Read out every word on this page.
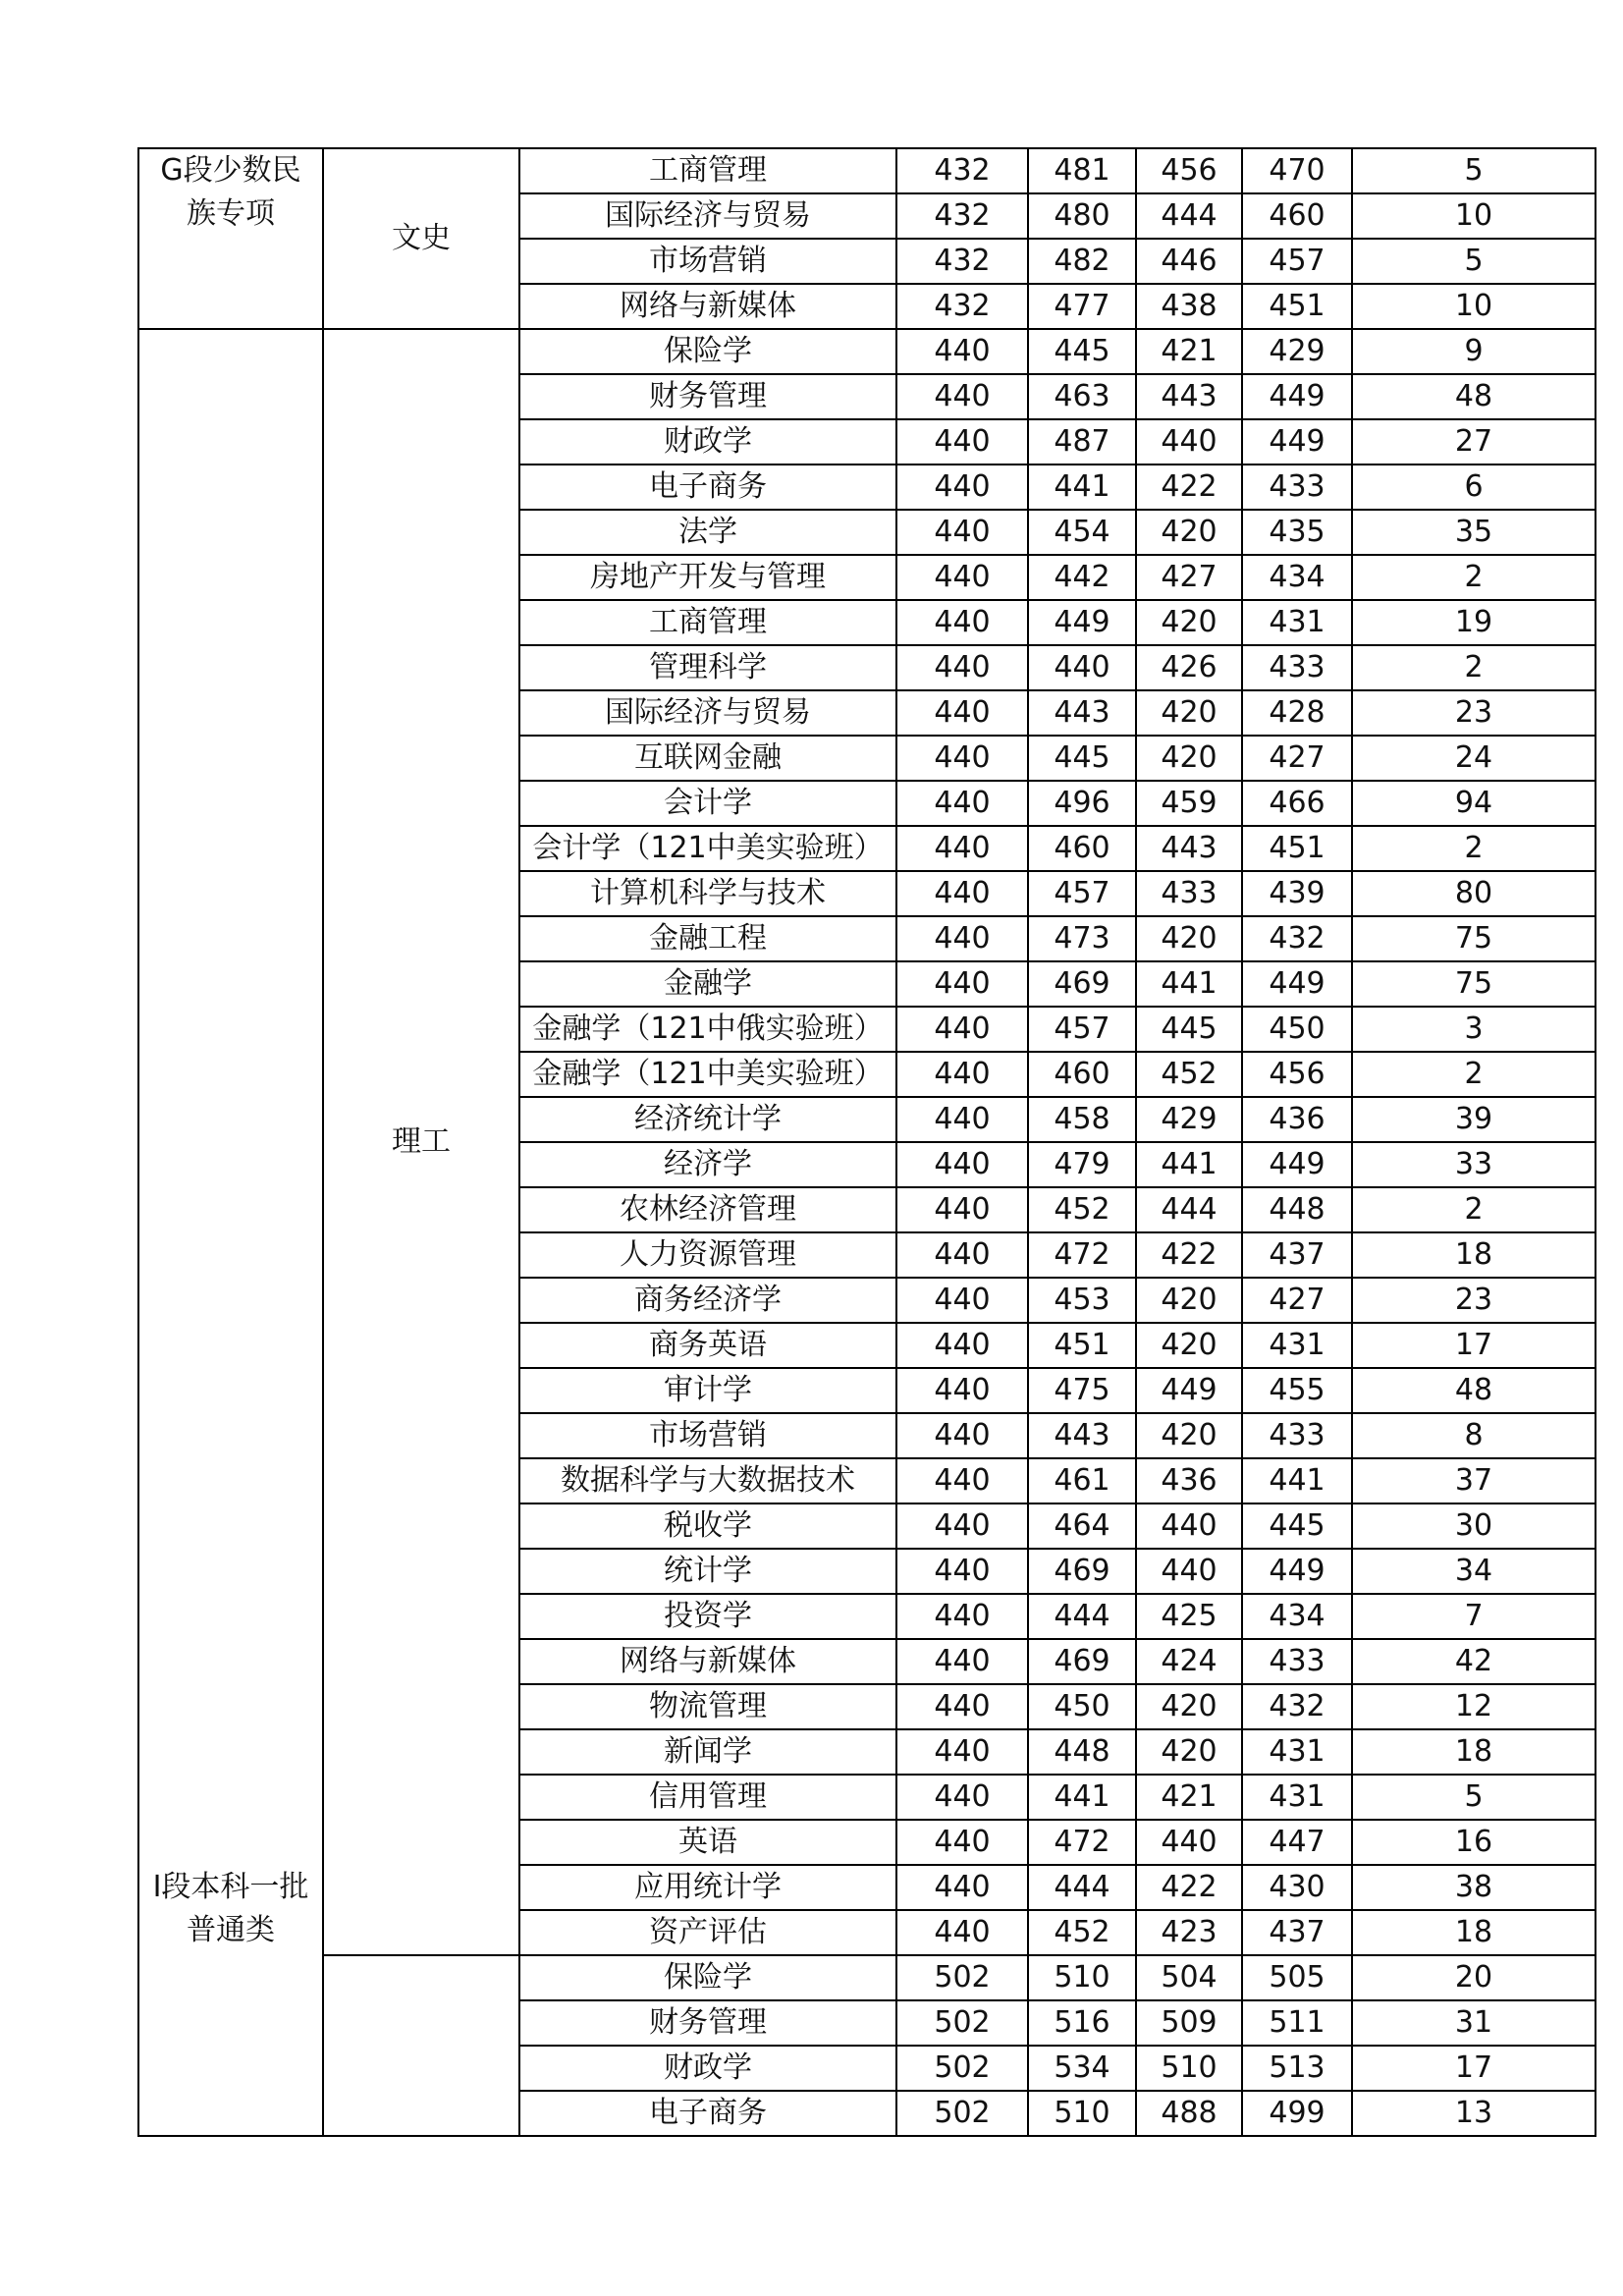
G段少数民
族专项	文史	工商管理	432	481	456	470	5
		国际经济与贸易	432	480	444	460	10
		市场营销	432	482	446	457	5
		网络与新媒体	432	477	438	451	10

I段本科一批
普通类	理工	保险学	440	445	421	429	9
		财务管理	440	463	443	449	48
		财政学	440	487	440	449	27
		电子商务	440	441	422	433	6
		法学	440	454	420	435	35
		房地产开发与管理	440	442	427	434	2
		工商管理	440	449	420	431	19
		管理科学	440	440	426	433	2
		国际经济与贸易	440	443	420	428	23
		互联网金融	440	445	420	427	24
		会计学	440	496	459	466	94
		会计学（121中美实验班）	440	460	443	451	2
		计算机科学与技术	440	457	433	439	80
		金融工程	440	473	420	432	75
		金融学	440	469	441	449	75
		金融学（121中俄实验班）	440	457	445	450	3
		金融学（121中美实验班）	440	460	452	456	2
		经济统计学	440	458	429	436	39
		经济学	440	479	441	449	33
		农林经济管理	440	452	444	448	2
		人力资源管理	440	472	422	437	18
		商务经济学	440	453	420	427	23
		商务英语	440	451	420	431	17
		审计学	440	475	449	455	48
		市场营销	440	443	420	433	8
		数据科学与大数据技术	440	461	436	441	37
		税收学	440	464	440	445	30
		统计学	440	469	440	449	34
		投资学	440	444	425	434	7
		网络与新媒体	440	469	424	433	42
		物流管理	440	450	420	432	12
		新闻学	440	448	420	431	18
		信用管理	440	441	421	431	5
		英语	440	472	440	447	16
		应用统计学	440	444	422	430	38
		资产评估	440	452	423	437	18
		保险学	502	510	504	505	20
		财务管理	502	516	509	511	31
		财政学	502	534	510	513	17
		电子商务	502	510	488	499	13
